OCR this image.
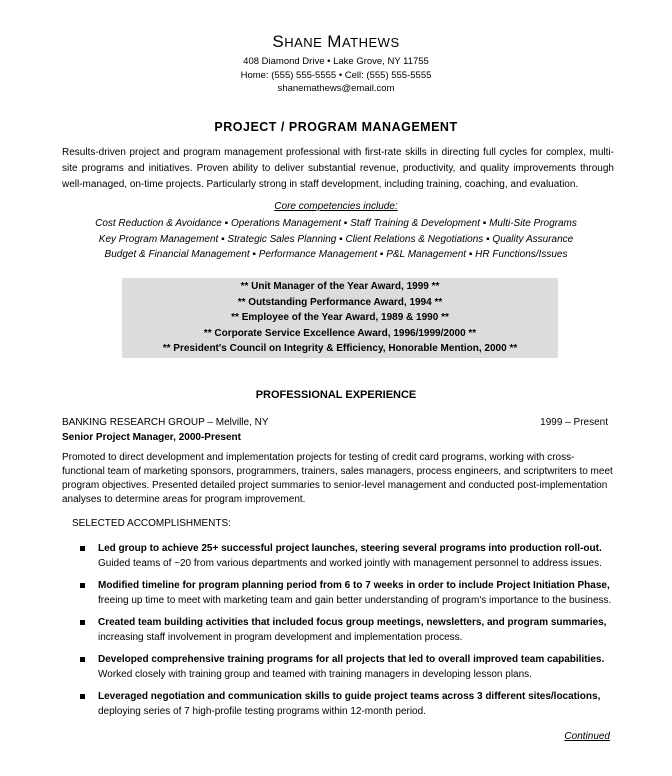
SHANE MATHEWS
408 Diamond Drive • Lake Grove, NY 11755
Home: (555) 555-5555 • Cell: (555) 555-5555
shanemathews@email.com
PROJECT / PROGRAM MANAGEMENT
Results-driven project and program management professional with first-rate skills in directing full cycles for complex, multi-site programs and initiatives. Proven ability to deliver substantial revenue, productivity, and quality improvements through well-managed, on-time projects. Particularly strong in staff development, including training, coaching, and evaluation.
Core competencies include:
Cost Reduction & Avoidance ▪ Operations Management ▪ Staff Training & Development ▪ Multi-Site Programs
Key Program Management ▪ Strategic Sales Planning ▪ Client Relations & Negotiations ▪ Quality Assurance
Budget & Financial Management ▪ Performance Management ▪ P&L Management ▪ HR Functions/Issues
** Unit Manager of the Year Award, 1999 **
** Outstanding Performance Award, 1994 **
** Employee of the Year Award, 1989 & 1990 **
** Corporate Service Excellence Award, 1996/1999/2000 **
** President's Council on Integrity & Efficiency, Honorable Mention, 2000 **
PROFESSIONAL EXPERIENCE
BANKING RESEARCH GROUP – Melville, NY	1999 – Present
Senior Project Manager, 2000-Present
Promoted to direct development and implementation projects for testing of credit card programs, working with cross-functional team of marketing sponsors, programmers, trainers, sales managers, process engineers, and scriptwriters to meet program objectives. Presented detailed project summaries to senior-level management and conducted post-implementation analyses to determine areas for program improvement.
SELECTED ACCOMPLISHMENTS:
Led group to achieve 25+ successful project launches, steering several programs into production roll-out.
Guided teams of ~20 from various departments and worked jointly with management personnel to address issues.
Modified timeline for program planning period from 6 to 7 weeks in order to include Project Initiation Phase,
freeing up time to meet with marketing team and gain better understanding of program's importance to the business.
Created team building activities that included focus group meetings, newsletters, and program summaries,
increasing staff involvement in program development and implementation process.
Developed comprehensive training programs for all projects that led to overall improved team capabilities.
Worked closely with training group and teamed with training managers in developing lesson plans.
Leveraged negotiation and communication skills to guide project teams across 3 different sites/locations,
deploying series of 7 high-profile testing programs within 12-month period.
Continued
